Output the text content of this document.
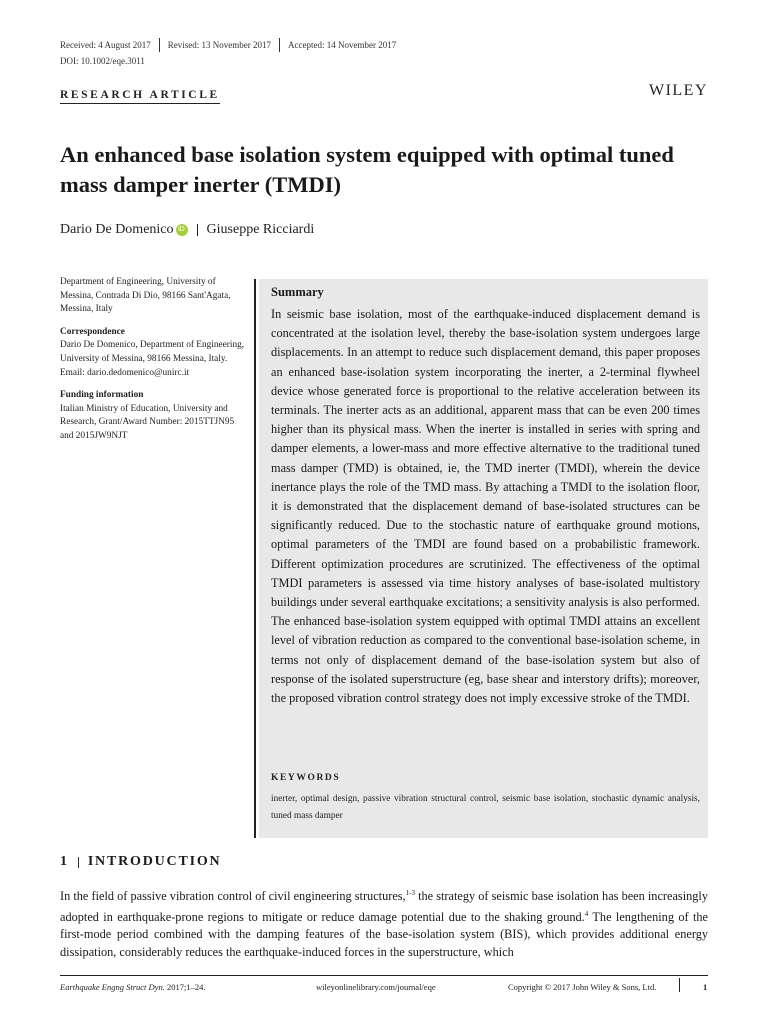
Received: 4 August 2017 Revised: 13 November 2017 Accepted: 14 November 2017
DOI: 10.1002/eqe.3011
RESEARCH ARTICLE	WILEY
An enhanced base isolation system equipped with optimal tuned mass damper inerter (TMDI)
Dario De Domenico iD Giuseppe Ricciardi

Department of Engineering, University of Messina, Contrada Di Dio, 98166 Sant'Agata, Messina, Italy

Correspondence
Dario De Domenico, Department of Engineering, University of Messina, 98166 Messina, Italy.

Email: dario.dedomenico@unirc.it

Funding information
Italian Ministry of Education, University and Research, Grant/Award Number: 2015TTJN95 and 2015JW9NJT
Summary

In seismic base isolation, most of the earthquake-induced displacement demand is concentrated at the isolation level, thereby the base-isolation system undergoes large displacements. In an attempt to reduce such displacement demand, this paper proposes an enhanced base-isolation system incorporating the inerter, a 2-terminal flywheel device whose generated force is proportional to the relative acceleration between its terminals. The inerter acts as an additional, apparent mass that can be even 200 times higher than its physical mass. When the inerter is installed in series with spring and damper elements, a lower-mass and more effective alternative to the traditional tuned mass damper (TMD) is obtained, ie, the TMD inerter (TMDI), wherein the device inertance plays the role of the TMD mass. By attaching a TMDI to the isolation floor, it is demonstrated that the displacement demand of base-isolated structures can be significantly reduced. Due to the stochastic nature of earthquake ground motions, optimal parameters of the TMDI are found based on a probabilistic framework. Different optimization procedures are scrutinized. The effectiveness of the optimal TMDI parameters is assessed via time history analyses of base-isolated multistory buildings under several earthquake excitations; a sensitivity analysis is also performed. The enhanced base-isolation system equipped with optimal TMDI attains an excellent level of vibration reduction as compared to the conventional base-isolation scheme, in terms not only of displacement demand of the base-isolation system but also of response of the isolated superstructure (eg, base shear and interstory drifts); moreover, the proposed vibration control strategy does not imply excessive stroke of the TMDI.

KEYWORDS

inerter, optimal design, passive vibration structural control, seismic base isolation, stochastic dynamic analysis, tuned mass damper

1 INTRODUCTION

In the field of passive vibration control of civil engineering structures,$^{1-3}$ the strategy of seismic base isolation has been increasingly adopted in earthquake-prone regions to mitigate or reduce damage potential due to the shaking ground.$^4$ The lengthening of the first-mode period combined with the damping features of the base-isolation system (BIS), which provides additional energy dissipation, considerably reduces the earthquake-induced forces in the superstructure, which

Earthquake Engng Struct Dyn. 2017;1–24.	wileyonlinelibrary.com/journal/eqe	Copyright © 2017 John Wiley & Sons, Ltd.	1
